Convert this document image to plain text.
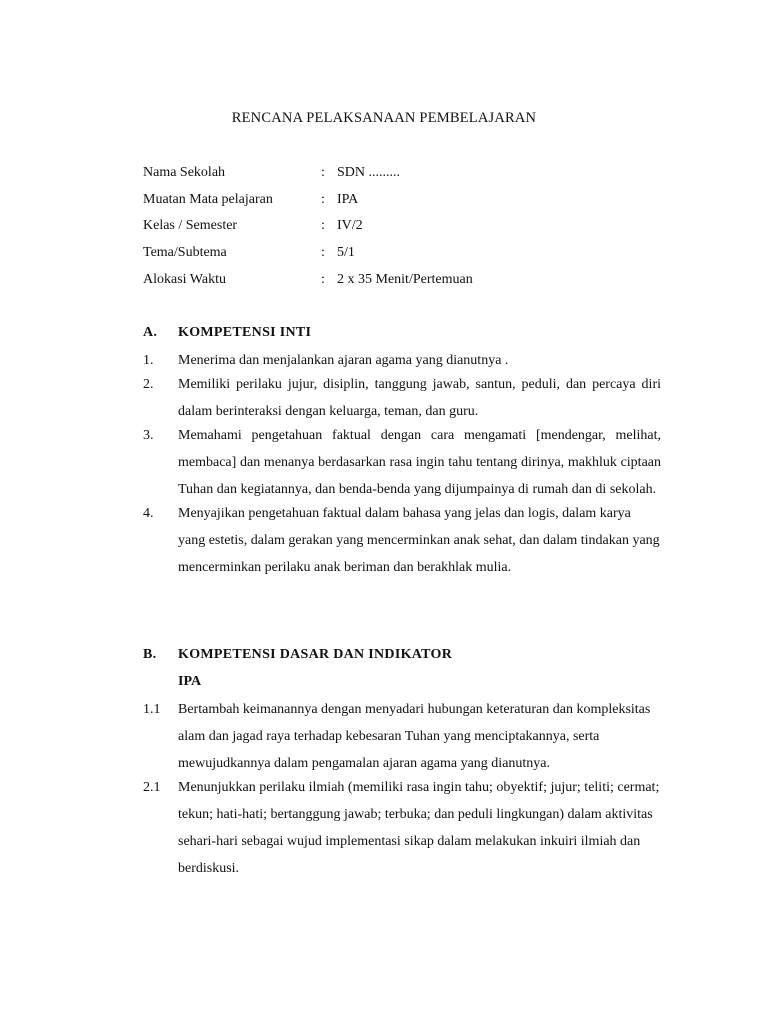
RENCANA PELAKSANAAN PEMBELAJARAN
Nama Sekolah	: SDN .........
Muatan Mata pelajaran	: IPA
Kelas / Semester	: IV/2
Tema/Subtema	: 5/1
Alokasi Waktu	: 2 x 35 Menit/Pertemuan
A.	KOMPETENSI INTI
1.	Menerima dan menjalankan ajaran agama yang dianutnya .
2.	Memiliki perilaku jujur, disiplin, tanggung jawab, santun, peduli, dan percaya diri dalam berinteraksi dengan keluarga, teman, dan guru.
3.	Memahami pengetahuan faktual dengan cara mengamati [mendengar, melihat, membaca] dan menanya berdasarkan rasa ingin tahu tentang dirinya, makhluk ciptaan Tuhan dan kegiatannya, dan benda-benda yang dijumpainya di rumah dan di sekolah.
4.	Menyajikan pengetahuan faktual dalam bahasa yang jelas dan logis, dalam karya yang estetis, dalam gerakan yang mencerminkan anak sehat, dan dalam tindakan yang mencerminkan perilaku anak beriman dan berakhlak mulia.
B.	KOMPETENSI DASAR DAN INDIKATOR
IPA
1.1	Bertambah keimanannya dengan menyadari hubungan keteraturan dan kompleksitas alam dan jagad raya terhadap kebesaran Tuhan yang menciptakannya, serta mewujudkannya dalam pengamalan ajaran agama yang dianutnya.
2.1	Menunjukkan perilaku ilmiah (memiliki rasa ingin tahu; obyektif; jujur; teliti; cermat; tekun; hati-hati; bertanggung jawab; terbuka; dan peduli lingkungan) dalam aktivitas sehari-hari sebagai wujud implementasi sikap dalam melakukan inkuiri ilmiah dan berdiskusi.
